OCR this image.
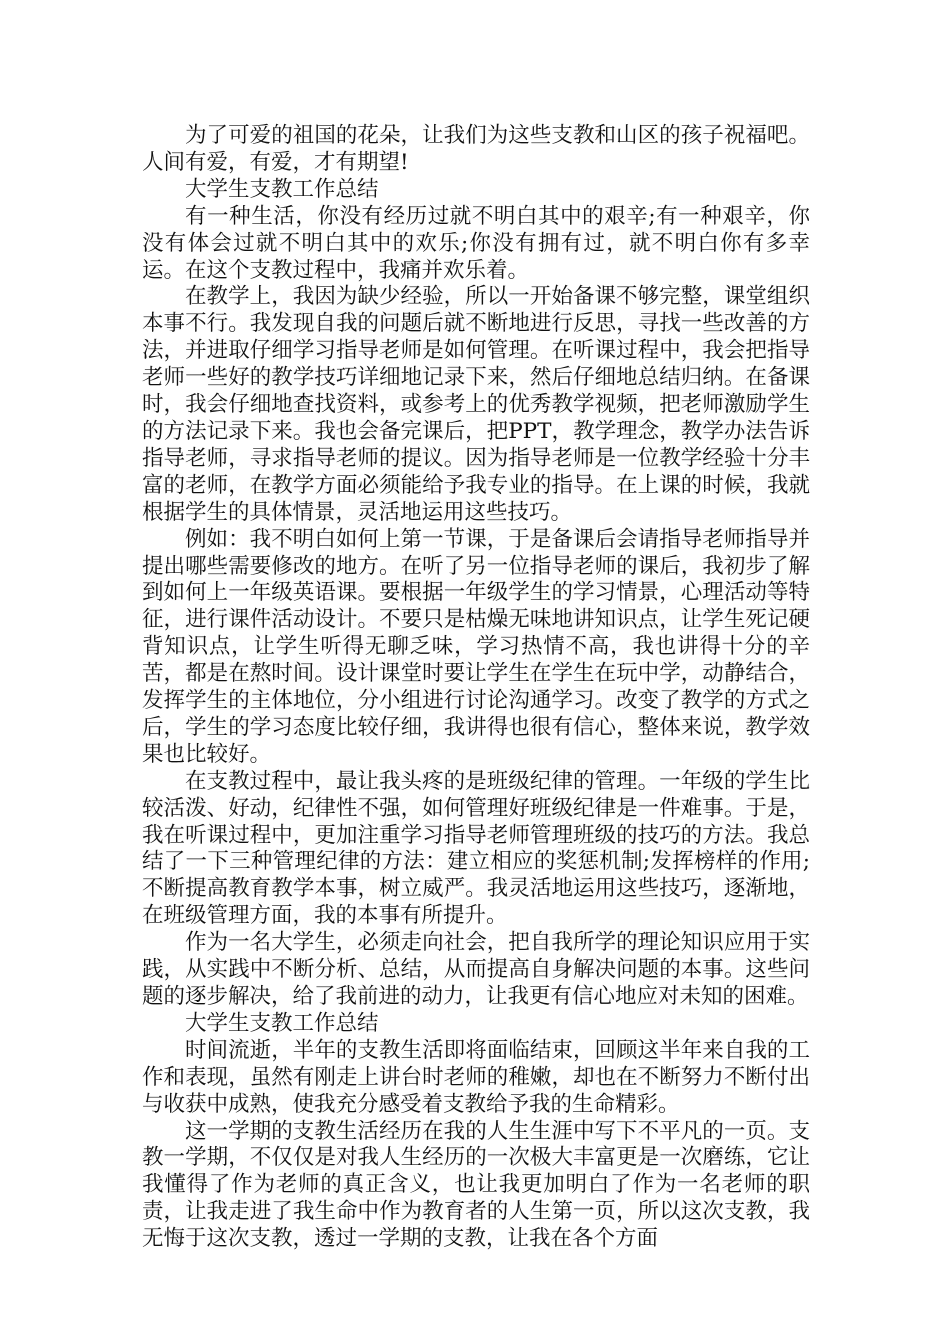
为了可爱的祖国的花朵，让我们为这些支教和山区的孩子祝福吧。人间有爱，有爱，才有期望!

大学生支教工作总结

有一种生活，你没有经历过就不明白其中的艰辛;有一种艰辛，你没有体会过就不明白其中的欢乐;你没有拥有过，就不明白你有多幸运。在这个支教过程中，我痛并欢乐着。

在教学上，我因为缺少经验，所以一开始备课不够完整，课堂组织本事不行。我发现自我的问题后就不断地进行反思，寻找一些改善的方法，并进取仔细学习指导老师是如何管理。在听课过程中，我会把指导老师一些好的教学技巧详细地记录下来，然后仔细地总结归纳。在备课时，我会仔细地查找资料，或参考上的优秀教学视频，把老师激励学生的方法记录下来。我也会备完课后，把PPT，教学理念，教学办法告诉指导老师，寻求指导老师的提议。因为指导老师是一位教学经验十分丰富的老师，在教学方面必须能给予我专业的指导。在上课的时候，我就根据学生的具体情景，灵活地运用这些技巧。

例如：我不明白如何上第一节课，于是备课后会请指导老师指导并提出哪些需要修改的地方。在听了另一位指导老师的课后，我初步了解到如何上一年级英语课。要根据一年级学生的学习情景，心理活动等特征，进行课件活动设计。不要只是枯燥无味地讲知识点，让学生死记硬背知识点，让学生听得无聊乏味，学习热情不高，我也讲得十分的辛苦，都是在熬时间。设计课堂时要让学生在学生在玩中学，动静结合，发挥学生的主体地位，分小组进行讨论沟通学习。改变了教学的方式之后，学生的学习态度比较仔细，我讲得也很有信心，整体来说，教学效果也比较好。

在支教过程中，最让我头疼的是班级纪律的管理。一年级的学生比较活泼、好动，纪律性不强，如何管理好班级纪律是一件难事。于是，我在听课过程中，更加注重学习指导老师管理班级的技巧的方法。我总结了一下三种管理纪律的方法：建立相应的奖惩机制;发挥榜样的作用;不断提高教育教学本事，树立威严。我灵活地运用这些技巧，逐渐地，在班级管理方面，我的本事有所提升。

作为一名大学生，必须走向社会，把自我所学的理论知识应用于实践，从实践中不断分析、总结，从而提高自身解决问题的本事。这些问题的逐步解决，给了我前进的动力，让我更有信心地应对未知的困难。

大学生支教工作总结

时间流逝，半年的支教生活即将面临结束，回顾这半年来自我的工作和表现，虽然有刚走上讲台时老师的稚嫩，却也在不断努力不断付出与收获中成熟，使我充分感受着支教给予我的生命精彩。

这一学期的支教生活经历在我的人生生涯中写下不平凡的一页。支教一学期，不仅仅是对我人生经历的一次极大丰富更是一次磨练，它让我懂得了作为老师的真正含义，也让我更加明白了作为一名老师的职责，让我走进了我生命中作为教育者的人生第一页，所以这次支教，我无悔于这次支教，透过一学期的支教，让我在各个方面
